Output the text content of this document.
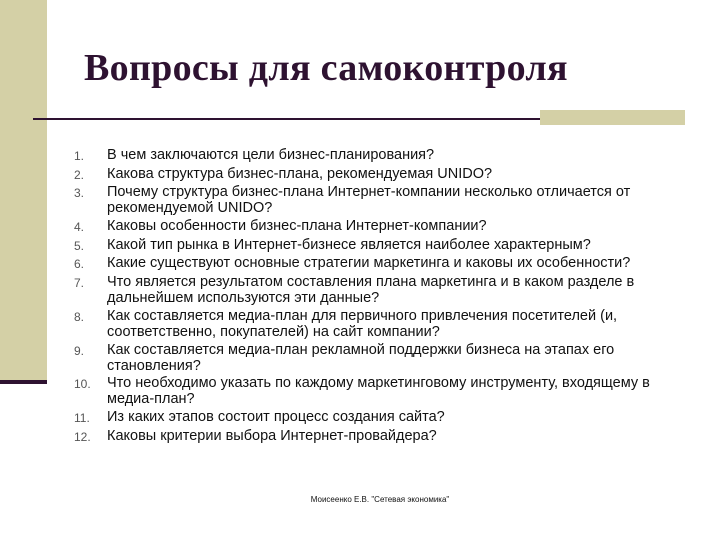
Вопросы для самоконтроля
1.	В чем заключаются цели бизнес-планирования?
2.	Какова структура бизнес-плана, рекомендуемая UNIDO?
3.	Почему структура бизнес-плана Интернет-компании несколько отличается от рекомендуемой UNIDO?
4.	Каковы особенности бизнес-плана Интернет-компании?
5.	Какой тип рынка в Интернет-бизнесе является наиболее характерным?
6.	Какие существуют основные стратегии маркетинга и каковы их особенности?
7.	Что является результатом составления плана маркетинга и в каком разделе в дальнейшем используются эти данные?
8.	Как составляется медиа-план для первичного привлечения посетителей (и, соответственно, покупателей) на сайт компании?
9.	Как составляется медиа-план рекламной поддержки бизнеса на этапах его становления?
10.	Что необходимо указать по каждому маркетинговому инструменту, входящему в медиа-план?
11.	Из каких этапов состоит процесс создания сайта?
12.	Каковы критерии выбора Интернет-провайдера?
Моисеенко Е.В. "Сетевая экономика"
